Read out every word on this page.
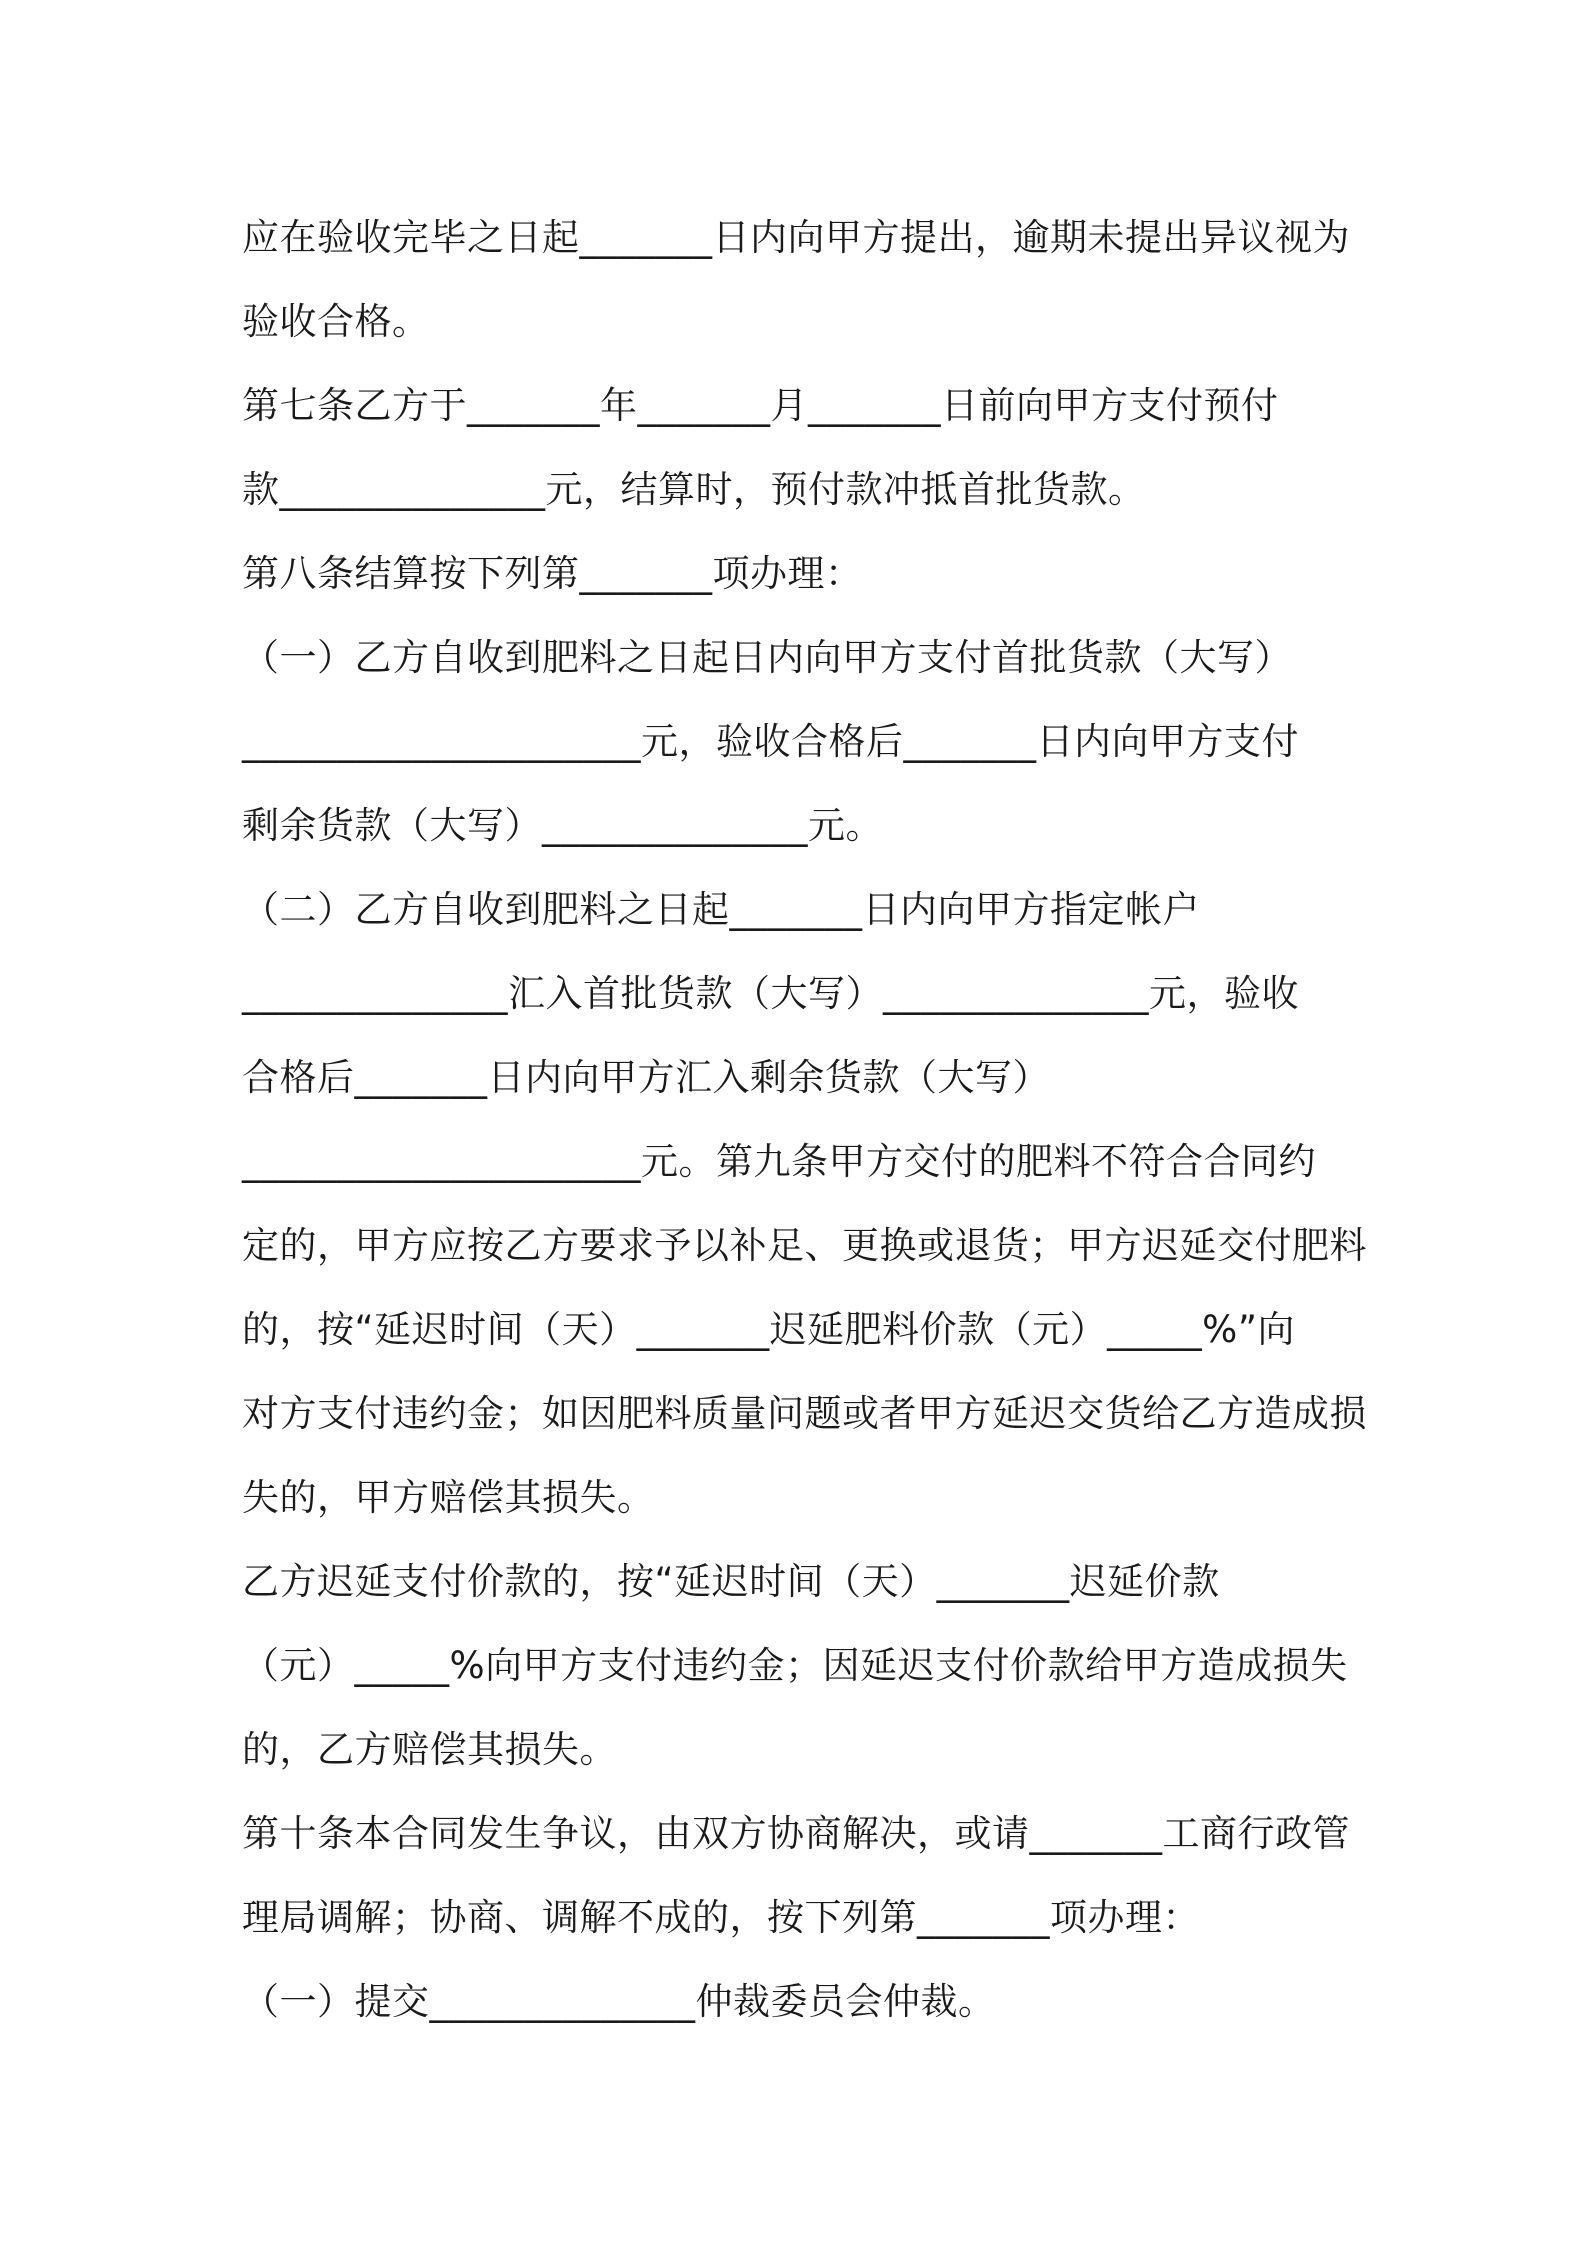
应在验收完毕之日起_______日内向甲方提出，逾期未提出异议视为
验收合格。
第七条乙方于_______年_______月_______日前向甲方支付预付
款______________元，结算时，预付款冲抵首批货款。
第八条结算按下列第_______项办理：
（一）乙方自收到肥料之日起日内向甲方支付首批货款（大写）
_____________________元，验收合格后_______日内向甲方支付
剩余货款（大写）______________元。
（二）乙方自收到肥料之日起_______日内向甲方指定帐户
______________汇入首批货款（大写）______________元，验收
合格后_______日内向甲方汇入剩余货款（大写）
_____________________元。第九条甲方交付的肥料不符合合同约
定的，甲方应按乙方要求予以补足、更换或退货；甲方迟延交付肥料
的，按“延迟时间（天）_______迟延肥料价款（元）_____%”向
对方支付违约金；如因肥料质量问题或者甲方延迟交货给乙方造成损
失的，甲方赔偿其损失。
乙方迟延支付价款的，按“延迟时间（天）_______迟延价款
（元）_____%向甲方支付违约金；因延迟支付价款给甲方造成损失
的，乙方赔偿其损失。
第十条本合同发生争议，由双方协商解决，或请_______工商行政管
理局调解；协商、调解不成的，按下列第_______项办理：
（一）提交______________仲裁委员会仲裁。
